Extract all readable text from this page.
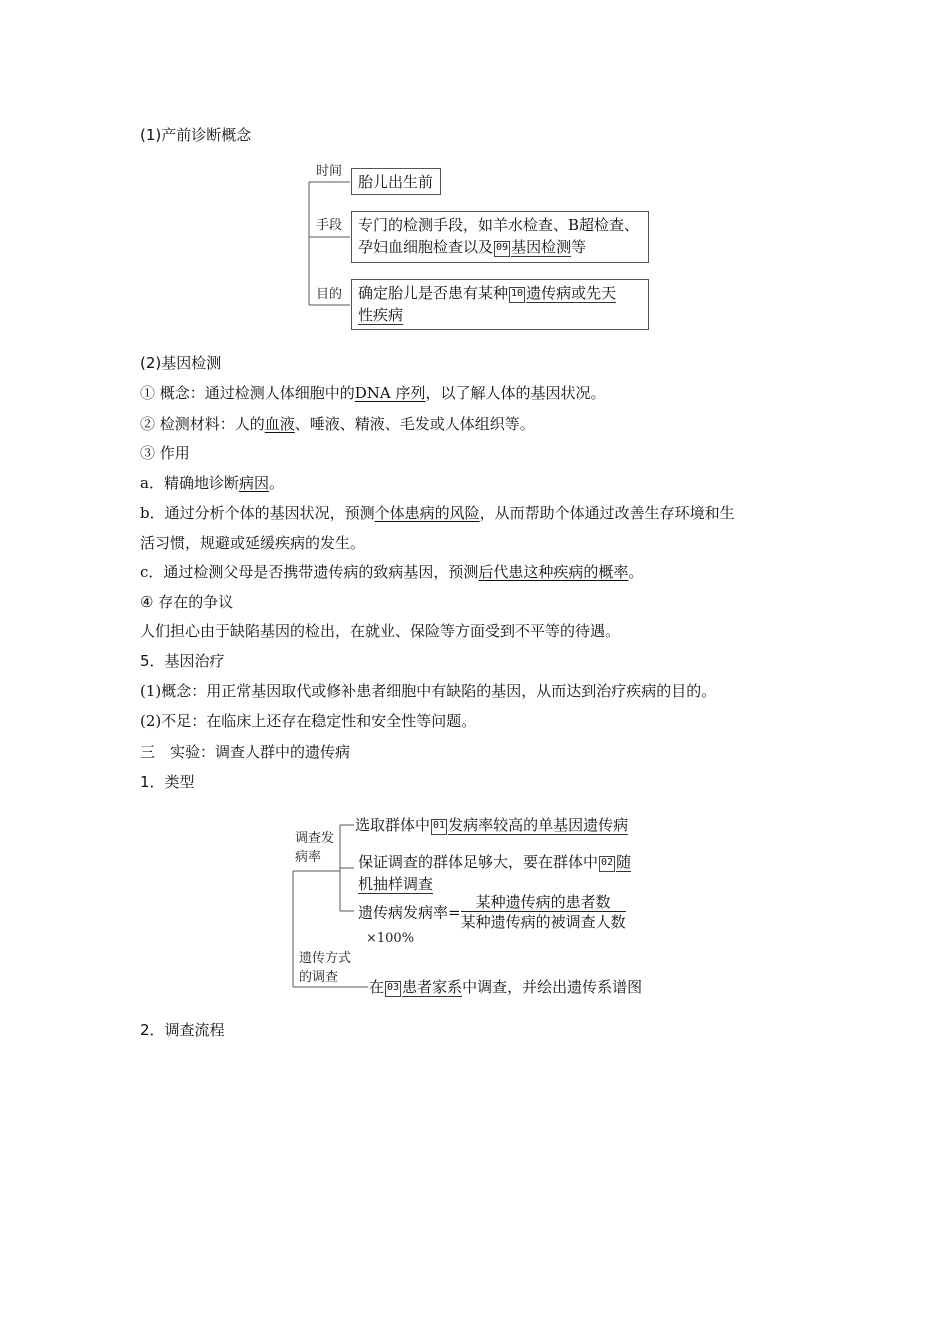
(1)产前诊断概念
时间
胎儿出生前
手段 专门的检测手段，如羊水检查、B超检查、
孕妇血细胞检查以及 09 基因检测等
目的 确定胎儿是否患有某种 10 遗传病或先天
性疾病
(2)基因检测
① 概念：通过检测人体细胞中的DNA 序列，以了解人体的基因状况。
② 检测材料：人的血液、唾液、精液、毛发或人体组织等。
③ 作用
a．精确地诊断病因。
b．通过分析个体的基因状况，预测个体患病的风险，从而帮助个体通过改善生存环境和生
活习惯，规避或延缓疾病的发生。
c．通过检测父母是否携带遗传病的致病基因，预测后代患这种疾病的概率。
④ 存在的争议
人们担心由于缺陷基因的检出，在就业、保险等方面受到不平等的待遇。
5．基因治疗
(1)概念：用正常基因取代或修补患者细胞中有缺陷的基因，从而达到治疗疾病的目的。
(2)不足：在临床上还存在稳定性和安全性等问题。
三　实验：调查人群中的遗传病
1．类型
调查发
病率
选取群体中 01 发病率较高的单基因遗传病
保证调查的群体足够大，要在群体中 02 随
机抽样调查
遗传病发病率= $\frac{\text{某种遗传病的患者数}}{\text{某种遗传病的被调查人数}}$
×100%
遗传方式
的调查
在 03 患者家系中调查，并绘出遗传系谱图
2．调查流程
